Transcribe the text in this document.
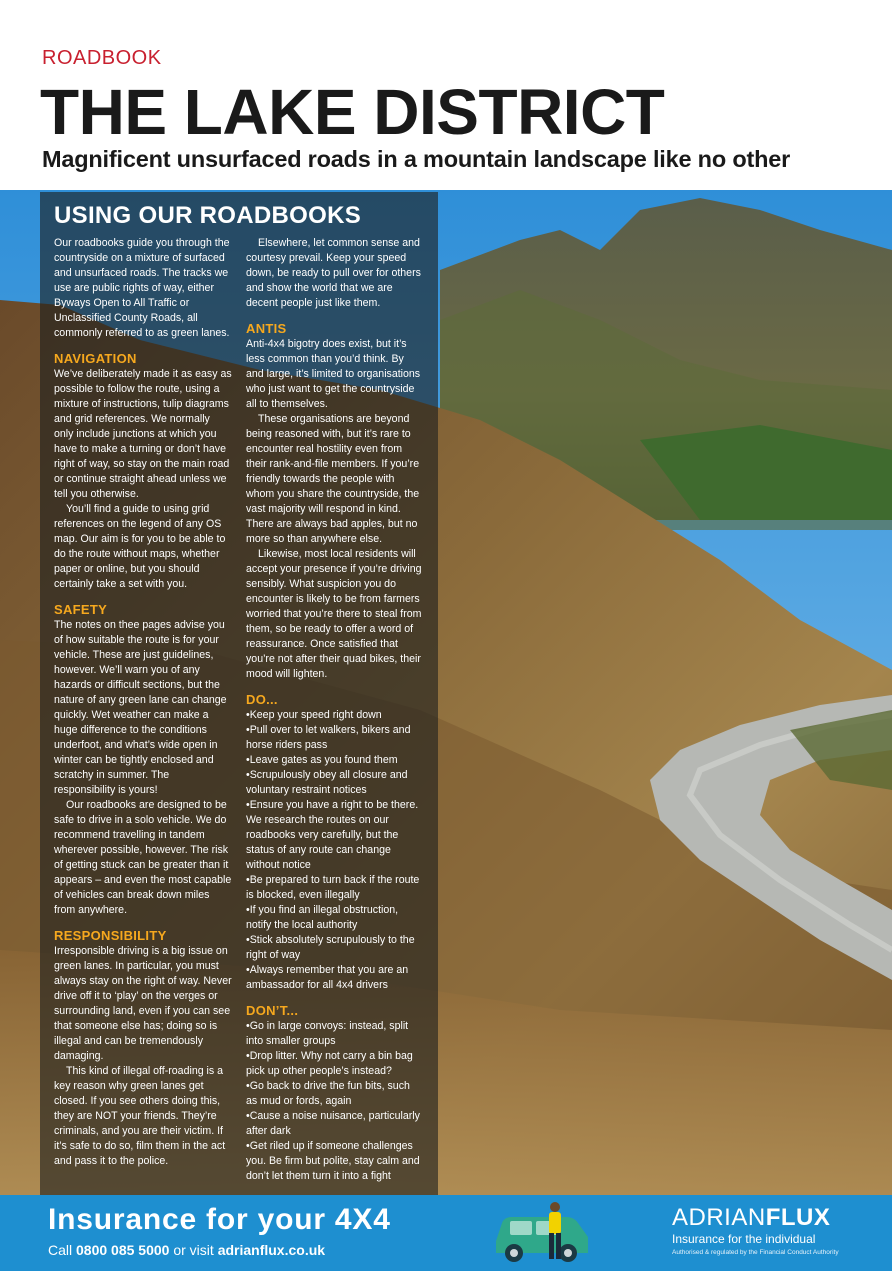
ROADBOOK
THE LAKE DISTRICT
Magnificent unsurfaced roads in a mountain landscape like no other
USING OUR ROADBOOKS

Our roadbooks guide you through the countryside on a mixture of surfaced and unsurfaced roads. The tracks we use are public rights of way, either Byways Open to All Traffic or Unclassified County Roads, all commonly referred to as green lanes.

NAVIGATION

We’ve deliberately made it as easy as possible to follow the route, using a mixture of instructions, tulip diagrams and grid references. We normally only include junctions at which you have to make a turning or don’t have right of way, so stay on the main road or continue straight ahead unless we tell you otherwise.

You’ll find a guide to using grid references on the legend of any OS map. Our aim is for you to be able to do the route without maps, whether paper or online, but you should certainly take a set with you.

SAFETY

The notes on thee pages advise you of how suitable the route is for your vehicle. These are just guidelines, however. We’ll warn you of any hazards or difficult sections, but the nature of any green lane can change quickly. Wet weather can make a huge difference to the conditions underfoot, and what’s wide open in winter can be tightly enclosed and scratchy in summer. The responsibility is yours!

Our roadbooks are designed to be safe to drive in a solo vehicle. We do recommend travelling in tandem wherever possible, however. The risk of getting stuck can be greater than it appears – and even the most capable of vehicles can break down miles from anywhere.

RESPONSIBILITY

Irresponsible driving is a big issue on green lanes. In particular, you must always stay on the right of way. Never drive off it to ‘play’ on the verges or surrounding land, even if you can see that someone else has; doing so is illegal and can be tremendously damaging.

This kind of illegal off-roading is a key reason why green lanes get closed. If you see others doing this, they are NOT your friends. They’re criminals, and you are their victim. If it’s safe to do so, film them in the act and pass it to the police.

Elsewhere, let common sense and courtesy prevail. Keep your speed down, be ready to pull over for others and show the world that we are decent people just like them.

ANTIS

Anti-4x4 bigotry does exist, but it’s less common than you’d think. By and large, it’s limited to organisations who just want to get the countryside all to themselves.

These organisations are beyond being reasoned with, but it’s rare to encounter real hostility even from their rank-and-file members. If you’re friendly towards the people with whom you share the countryside, the vast majority will respond in kind. There are always bad apples, but no more so than anywhere else.

Likewise, most local residents will accept your presence if you’re driving sensibly. What suspicion you do encounter is likely to be from farmers worried that you’re there to steal from them, so be ready to offer a word of reassurance. Once satisfied that you’re not after their quad bikes, their mood will lighten.

DO...
• Keep your speed right down
• Pull over to let walkers, bikers and horse riders pass
• Leave gates as you found them
• Scrupulously obey all closure and voluntary restraint notices
• Ensure you have a right to be there. We research the routes on our roadbooks very carefully, but the status of any route can change without notice
• Be prepared to turn back if the route is blocked, even illegally
• If you find an illegal obstruction, notify the local authority
• Stick absolutely scrupulously to the right of way
• Always remember that you are an ambassador for all 4x4 drivers
DON’T...
• Go in large convoys: instead, split into smaller groups
• Drop litter. Why not carry a bin bag pick up other people’s instead?
• Go back to drive the fun bits, such as mud or fords, again
• Cause a noise nuisance, particularly after dark
• Get riled up if someone challenges you. Be firm but polite, stay calm and don’t let them turn it into a fight
Insurance for your 4X4
Call 0800 085 5000 or visit adrianflux.co.uk
ADRIANFLUX
Insurance for the individual
Authorised & regulated by the Financial Conduct Authority
